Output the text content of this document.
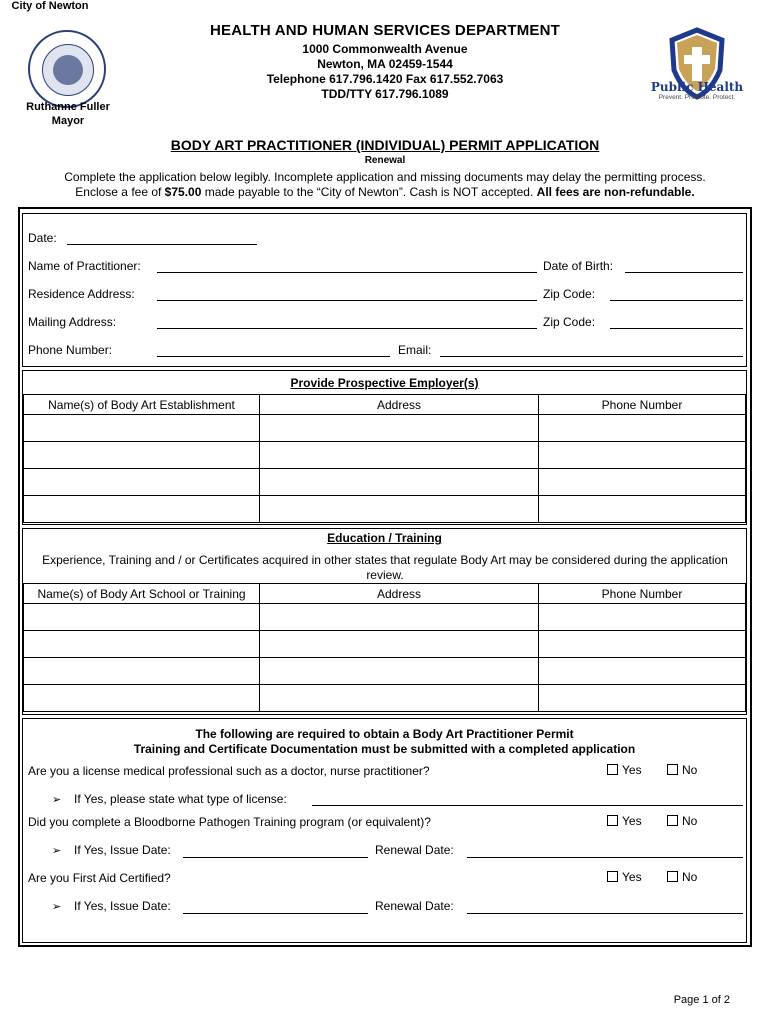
City of Newton
Ruthanne Fuller
Mayor
HEALTH AND HUMAN SERVICES DEPARTMENT
1000 Commonwealth Avenue
Newton, MA 02459-1544
Telephone 617.796.1420 Fax 617.552.7063
TDD/TTY 617.796.1089	Public Health
Prevent. Promote. Protect.
BODY ART PRACTITIONER (INDIVIDUAL) PERMIT APPLICATION
Renewal
Complete the application below legibly. Incomplete application and missing documents may delay the permitting process.
Enclose a fee of $75.00 made payable to the “City of Newton”. Cash is NOT accepted. All fees are non-refundable.
Date:
Name of Practitioner:	Date of Birth:
Residence Address:	Zip Code:
Mailing Address:	Zip Code:
Phone Number:	Email:
Provide Prospective Employer(s)
Name(s) of Body Art Establishment	Address	Phone Number

Education / Training
Experience, Training and / or Certificates acquired in other states that regulate Body Art may be considered during the application review.
Name(s) of Body Art School or Training	Address	Phone Number

The following are required to obtain a Body Art Practitioner Permit
Training and Certificate Documentation must be submitted with a completed application
Are you a license medical professional such as a doctor, nurse practitioner?	Yes	No
➢ If Yes, please state what type of license:
Did you complete a Bloodborne Pathogen Training program (or equivalent)?	Yes	No
➢ If Yes, Issue Date:	Renewal Date:
Are you First Aid Certified?	Yes	No
➢ If Yes, Issue Date:	Renewal Date:
Page 1 of 2
